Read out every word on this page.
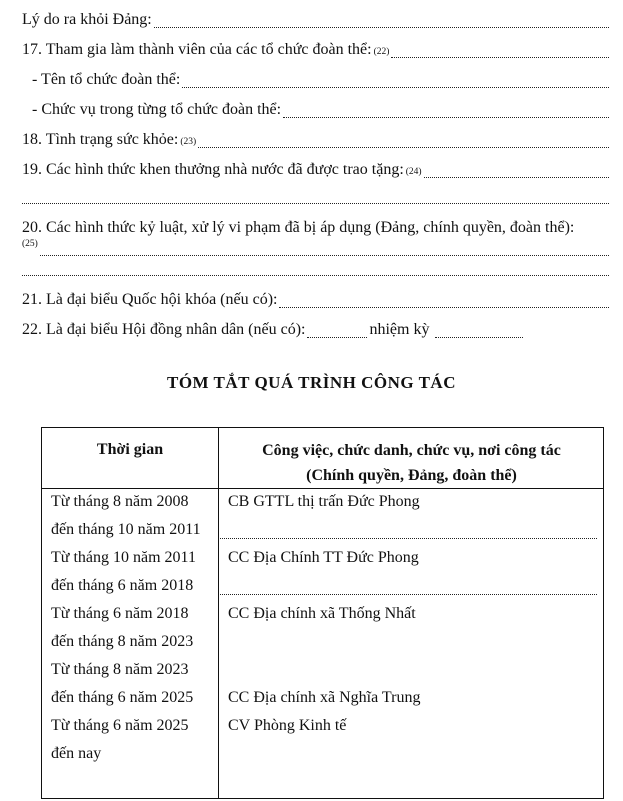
Lý do ra khỏi Đảng:
17. Tham gia làm thành viên của các tổ chức đoàn thể: (22)
- Tên tổ chức đoàn thể:
- Chức vụ trong từng tổ chức đoàn thể:
18. Tình trạng sức khỏe: (23)
19. Các hình thức khen thưởng nhà nước đã được trao tặng: (24)
20. Các hình thức kỷ luật, xử lý vi phạm đã bị áp dụng (Đảng, chính quyền, đoàn thể):
(25)
21. Là đại biểu Quốc hội khóa (nếu có):
22. Là đại biểu Hội đồng nhân dân (nếu có):	nhiệm kỳ
TÓM TẮT QUÁ TRÌNH CÔNG TÁC
Thời gian	Công việc, chức danh, chức vụ, nơi công tác
(Chính quyền, Đảng, đoàn thể)
Từ tháng 8 năm 2008
đến tháng 10 năm 2011
CB GTTL thị trấn Đức Phong
Từ tháng 10 năm 2011
đến tháng 6 năm 2018
CC Địa Chính TT Đức Phong
Từ tháng 6 năm 2018
đến tháng 8 năm 2023
CC Địa chính xã Thống Nhất
Từ tháng 8 năm 2023
đến tháng 6 năm 2025 CC Địa chính xã Nghĩa Trung
Từ tháng 6 năm 2025
đến nay
CV Phòng Kinh tế
